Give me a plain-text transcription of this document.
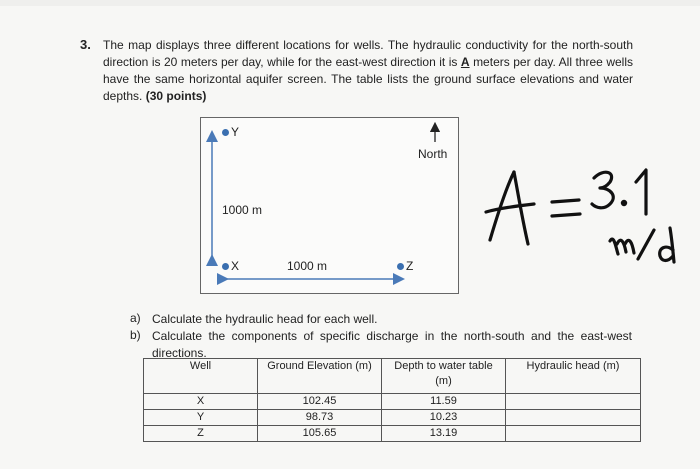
3. The map displays three different locations for wells. The hydraulic conductivity for the north-south direction is 20 meters per day, while for the east-west direction it is A meters per day. All three wells have the same horizontal aquifer screen. The table lists the ground surface elevations and water depths. (30 points)
Y
North
1000 m
X	1000 m	Z
a) Calculate the hydraulic head for each well.
b) Calculate the components of specific discharge in the north-south and the east-west directions.
Well	Ground Elevation (m)	Depth to water table (m)	Hydraulic head (m)
X	102.45	11.59	
Y	98.73	10.23	
Z	105.65	13.19	
